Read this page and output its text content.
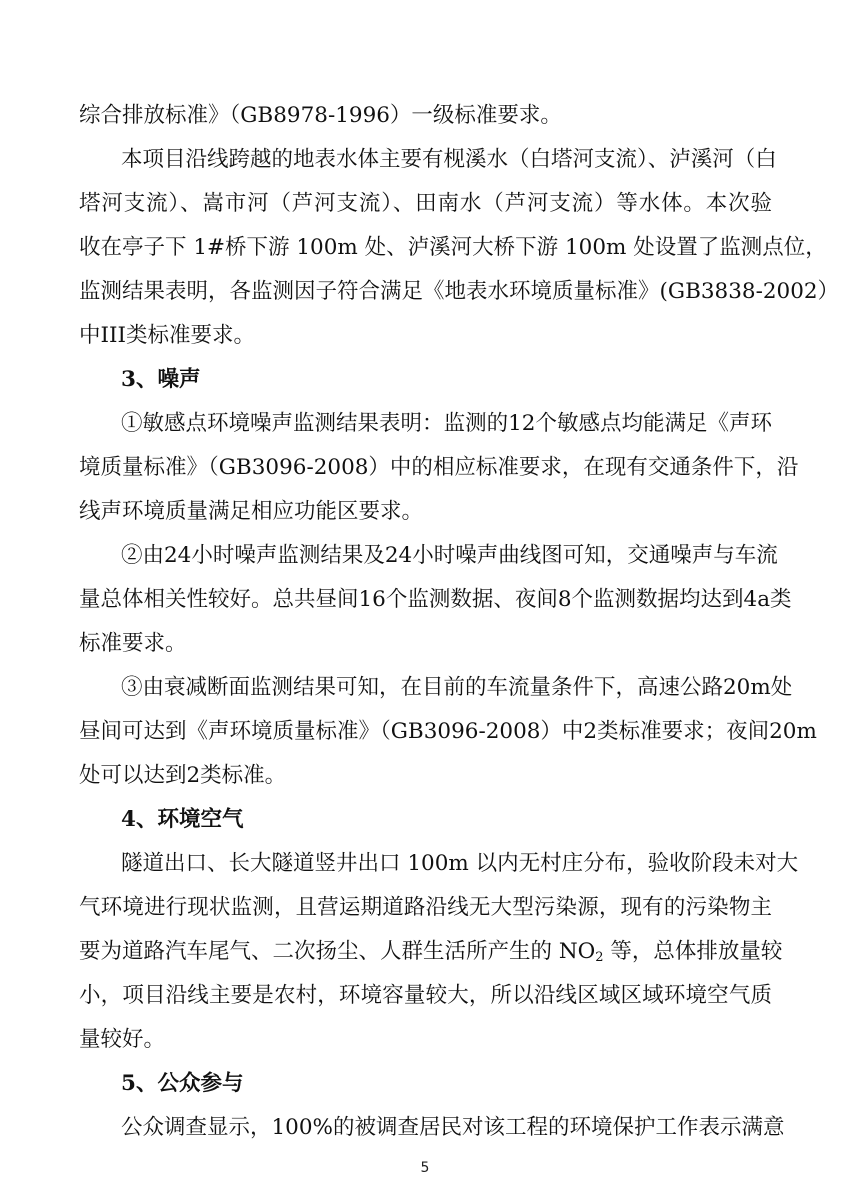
综合排放标准》（GB8978-1996）一级标准要求。
本项目沿线跨越的地表水体主要有枧溪水（白塔河支流）、泸溪河（白
塔河支流）、嵩市河（芦河支流）、田南水（芦河支流）等水体。本次验
收在亭子下 1#桥下游 100m 处、泸溪河大桥下游 100m 处设置了监测点位，
监测结果表明，各监测因子符合满足《地表水环境质量标准》(GB3838-2002）
中III类标准要求。
3、噪声
①敏感点环境噪声监测结果表明：监测的12个敏感点均能满足《声环
境质量标准》（GB3096-2008）中的相应标准要求，在现有交通条件下，沿
线声环境质量满足相应功能区要求。
②由24小时噪声监测结果及24小时噪声曲线图可知，交通噪声与车流
量总体相关性较好。总共昼间16个监测数据、夜间8个监测数据均达到4a类
标准要求。
③由衰减断面监测结果可知，在目前的车流量条件下，高速公路20m处
昼间可达到《声环境质量标准》（GB3096-2008）中2类标准要求；夜间20m
处可以达到2类标准。
4、环境空气
隧道出口、长大隧道竖井出口 100m 以内无村庄分布，验收阶段未对大
气环境进行现状监测，且营运期道路沿线无大型污染源，现有的污染物主
要为道路汽车尾气、二次扬尘、人群生活所产生的 $NO_2$ 等，总体排放量较
小，项目沿线主要是农村，环境容量较大，所以沿线区域区域环境空气质
量较好。
5、公众参与
公众调查显示，100%的被调查居民对该工程的环境保护工作表示满意
5
